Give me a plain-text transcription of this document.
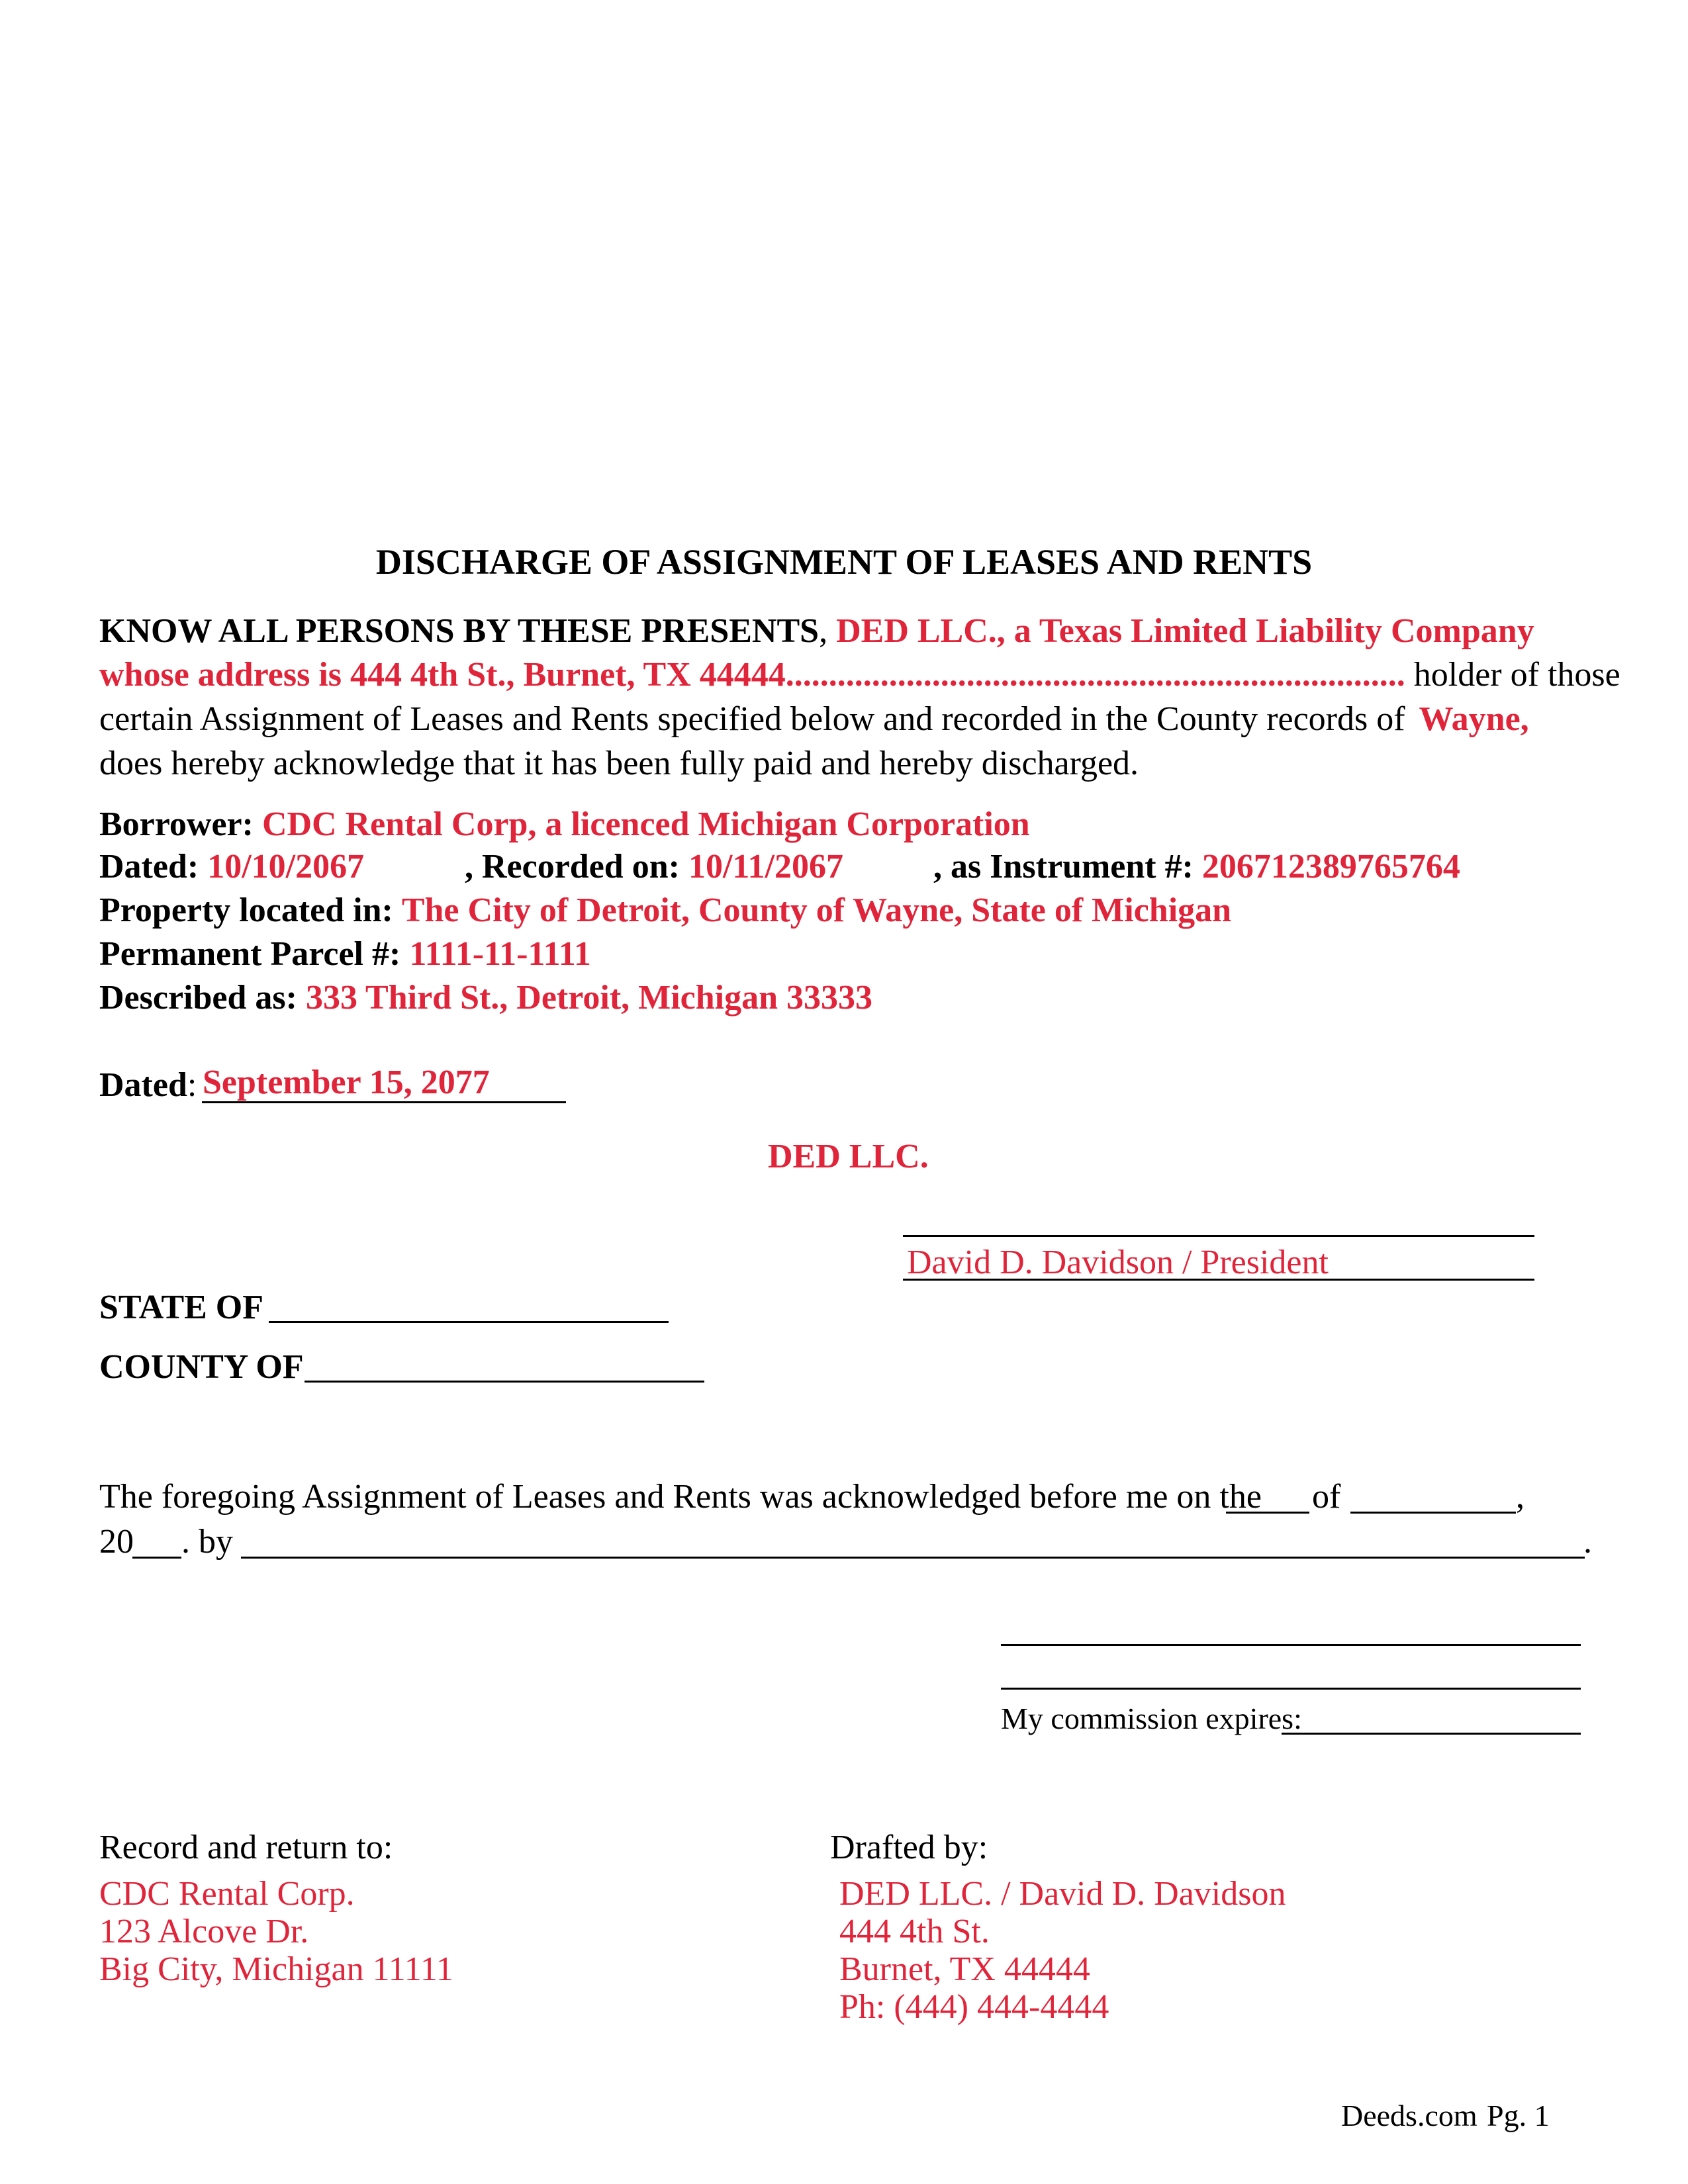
DISCHARGE OF ASSIGNMENT OF LEASES AND RENTS
KNOW ALL PERSONS BY THESE PRESENTS, DED LLC., a Texas Limited Liability Company
whose address is 444 4th St., Burnet, TX 44444........................................................................ holder of those
certain Assignment of Leases and Rents specified below and recorded in the County records of Wayne,
does hereby acknowledge that it has been fully paid and hereby discharged.
Borrower: CDC Rental Corp, a licenced Michigan Corporation
Dated: 10/10/2067	, Recorded on: 10/11/2067	, as Instrument #: 206712389765764
Property located in: The City of Detroit, County of Wayne, State of Michigan
Permanent Parcel #: 1111-11-1111
Described as: 333 Third St., Detroit, Michigan 33333
Dated: September 15, 2077
DED LLC.
David D. Davidson / President
STATE OF
COUNTY OF
The foregoing Assignment of Leases and Rents was acknowledged before me on the of	,
20 . by	.
My commission expires:
Record and return to:
CDC Rental Corp.
123 Alcove Dr.
Big City, Michigan 11111
Drafted by:
DED LLC. / David D. Davidson
444 4th St.
Burnet, TX 44444
Ph: (444) 444-4444
Deeds.com Pg. 1
